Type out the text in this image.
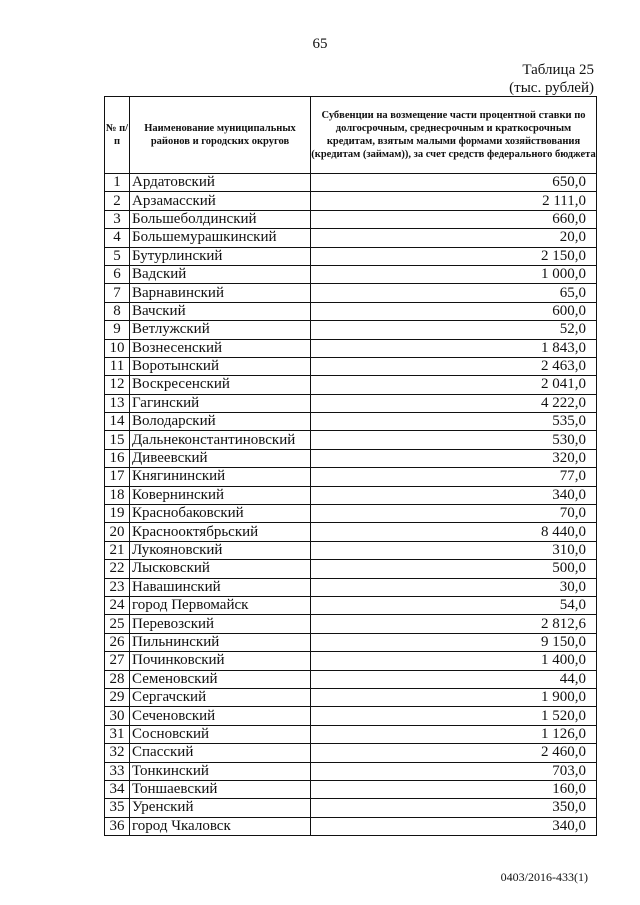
65
Таблица 25
(тыс. рублей)
№ п/п	Наименование муниципальных районов и городских округов	Субвенции на возмещение части процентной ставки по долгосрочным, среднесрочным и краткосрочным кредитам, взятым малыми формами хозяйствования (кредитам (займам)), за счет средств федерального бюджета
1	Ардатовский	650,0
2	Арзамасский	2 111,0
3	Большеболдинский	660,0
4	Большемурашкинский	20,0
5	Бутурлинский	2 150,0
6	Вадский	1 000,0
7	Варнавинский	65,0
8	Вачский	600,0
9	Ветлужский	52,0
10	Вознесенский	1 843,0
11	Воротынский	2 463,0
12	Воскресенский	2 041,0
13	Гагинский	4 222,0
14	Володарский	535,0
15	Дальнеконстантиновский	530,0
16	Дивеевский	320,0
17	Княгининский	77,0
18	Ковернинский	340,0
19	Краснобаковский	70,0
20	Краснооктябрьский	8 440,0
21	Лукояновский	310,0
22	Лысковский	500,0
23	Навашинский	30,0
24	город Первомайск	54,0
25	Перевозский	2 812,6
26	Пильнинский	9 150,0
27	Починковский	1 400,0
28	Семеновский	44,0
29	Сергачский	1 900,0
30	Сеченовский	1 520,0
31	Сосновский	1 126,0
32	Спасский	2 460,0
33	Тонкинский	703,0
34	Тоншаевский	160,0
35	Уренский	350,0
36	город Чкаловск	340,0
0403/2016-433(1)
